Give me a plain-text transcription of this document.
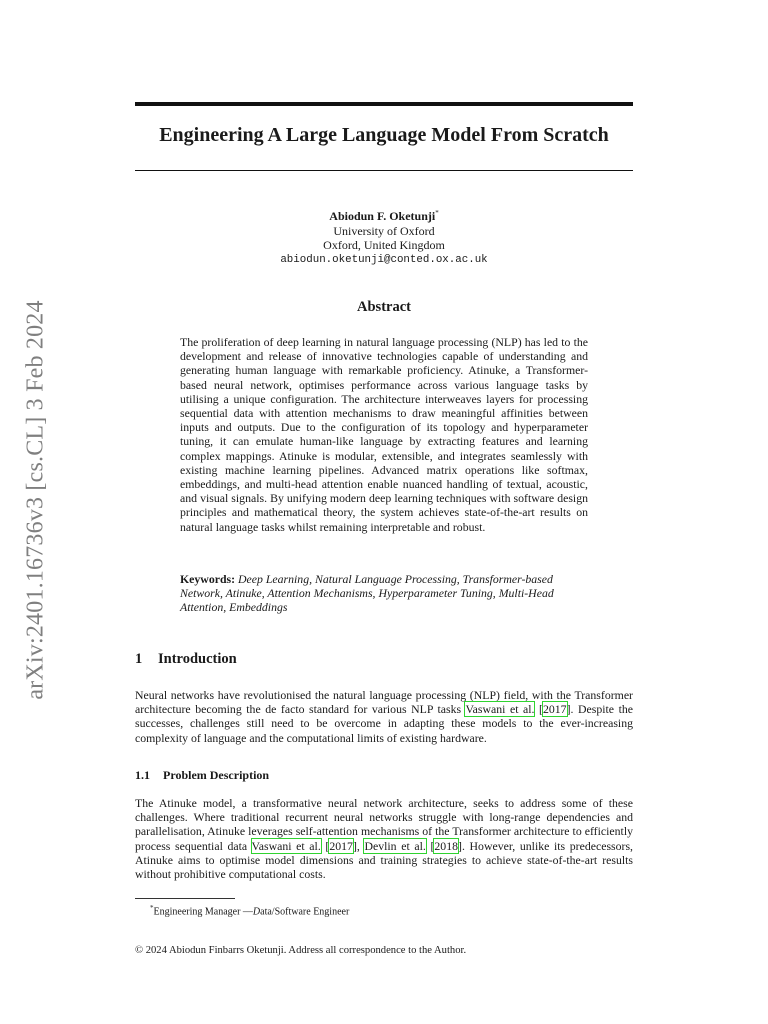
arXiv:2401.16736v3 [cs.CL] 3 Feb 2024
Engineering A Large Language Model From Scratch
Abiodun F. Oketunji*
University of Oxford
Oxford, United Kingdom
abiodun.oketunji@conted.ox.ac.uk
Abstract

The proliferation of deep learning in natural language processing (NLP) has led to the development and release of innovative technologies capable of understanding and generating human language with remarkable proficiency. Atinuke, a Transformer-based neural network, optimises performance across various language tasks by utilising a unique configuration. The architecture interweaves layers for processing sequential data with attention mechanisms to draw meaningful affinities between inputs and outputs. Due to the configuration of its topology and hyperparameter tuning, it can emulate human-like language by extracting features and learning complex mappings. Atinuke is modular, extensible, and integrates seamlessly with existing machine learning pipelines. Advanced matrix operations like softmax, embeddings, and multi-head attention enable nuanced handling of textual, acoustic, and visual signals. By unifying modern deep learning techniques with software design principles and mathematical theory, the system achieves state-of-the-art results on natural language tasks whilst remaining interpretable and robust.

Keywords: Deep Learning, Natural Language Processing, Transformer-based Network, Atinuke, Attention Mechanisms, Hyperparameter Tuning, Multi-Head Attention, Embeddings

1 Introduction

Neural networks have revolutionised the natural language processing (NLP) field, with the Transformer architecture becoming the de facto standard for various NLP tasks Vaswani et al. [2017]. Despite the successes, challenges still need to be overcome in adapting these models to the ever-increasing complexity of language and the computational limits of existing hardware.

1.1 Problem Description

The Atinuke model, a transformative neural network architecture, seeks to address some of these challenges. Where traditional recurrent neural networks struggle with long-range dependencies and parallelisation, Atinuke leverages self-attention mechanisms of the Transformer architecture to efficiently process sequential data Vaswani et al. [2017], Devlin et al. [2018]. However, unlike its predecessors, Atinuke aims to optimise model dimensions and training strategies to achieve state-of-the-art results without prohibitive computational costs.

*Engineering Manager —Data/Software Engineer

© 2024 Abiodun Finbarrs Oketunji. Address all correspondence to the Author.
